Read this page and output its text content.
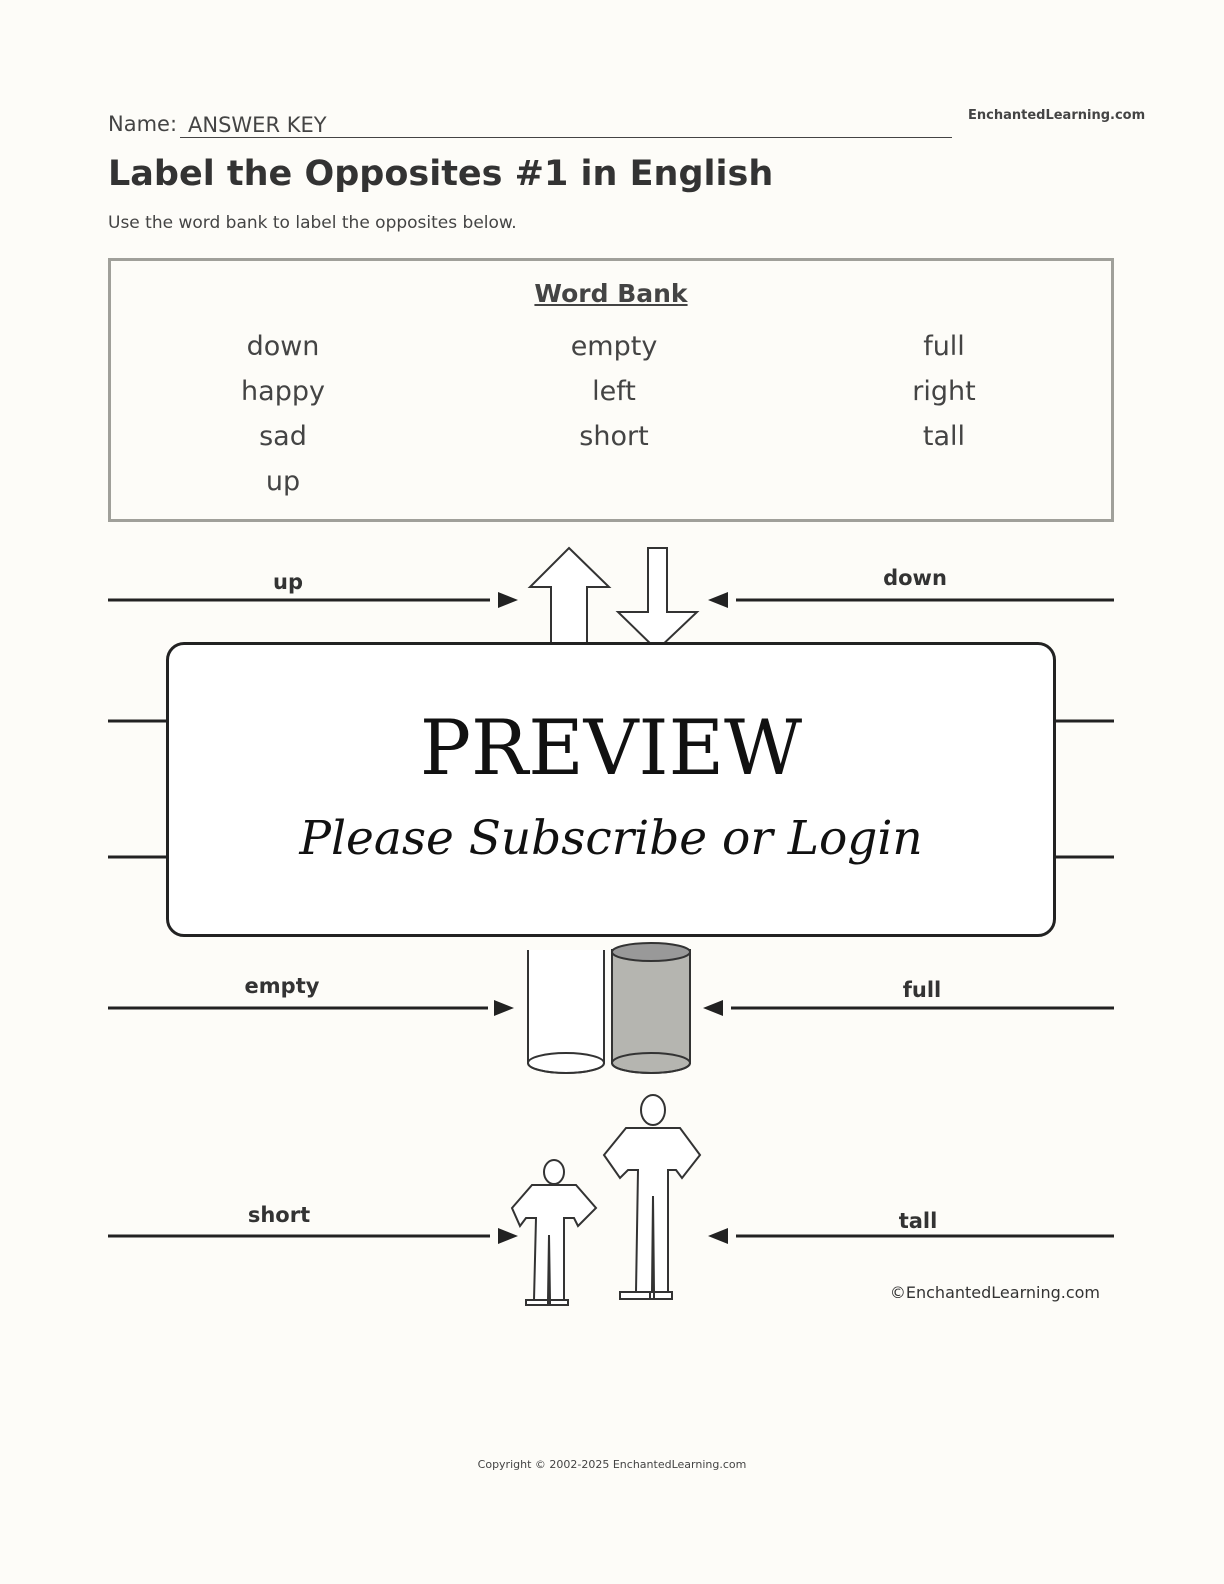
Name: ANSWER KEY	EnchantedLearning.com
Label the Opposites #1 in English
Use the word bank to label the opposites below.
Word Bank
down	empty	full
happy	left	right
sad	short	tall
up
up	down
empty	full
short	tall
©EnchantedLearning.com
PREVIEW
Please Subscribe or Login
Copyright © 2002-2025 EnchantedLearning.com
